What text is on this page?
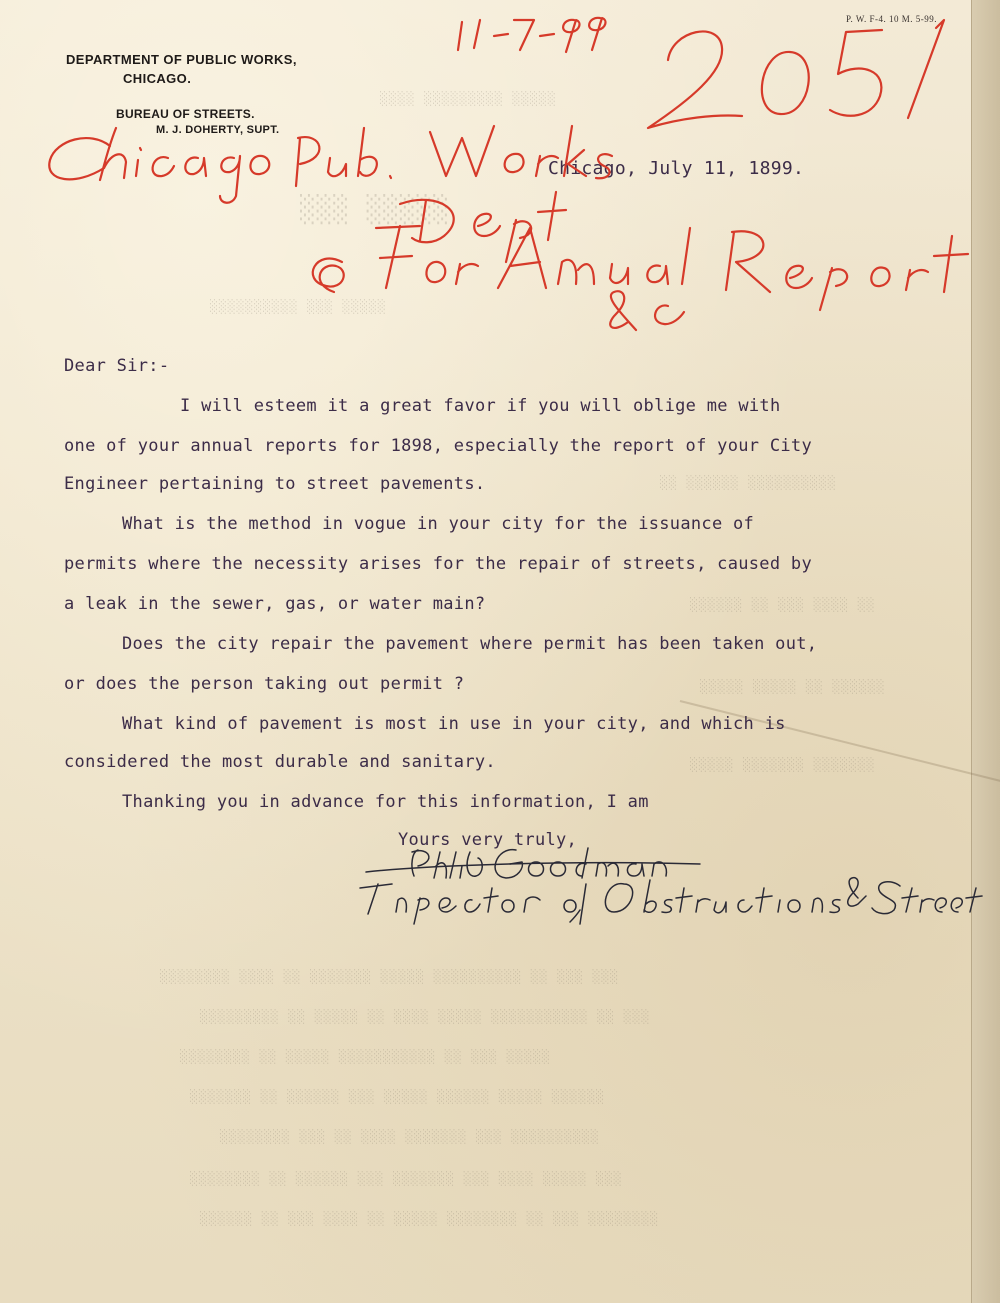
░░░░ ░░░░░░░░░ ░░░░░
░░░ ░░░░░
░░░░░░░░░░ ░░░ ░░░░░
░░ ░░░░░░ ░░░░░░░░░░
░░░░░░ ░░ ░░░ ░░░░ ░░
░░░░░ ░░░░░ ░░ ░░░░░░
░░░░░ ░░░░░░░ ░░░░░░░
░░░░░░░░ ░░░░ ░░ ░░░░░░░ ░░░░░ ░░░░░░░░░░ ░░ ░░░ ░░░
░░░░░░░░░ ░░ ░░░░░ ░░ ░░░░ ░░░░░ ░░░░░░░░░░░ ░░ ░░░
░░░░░░░░ ░░ ░░░░░ ░░░░░░░░░░░ ░░ ░░░ ░░░░░
░░░░░░░ ░░ ░░░░░░ ░░░ ░░░░░ ░░░░░░ ░░░░░ ░░░░░░
░░░░░░░░ ░░░ ░░ ░░░░ ░░░░░░░ ░░░ ░░░░░░░░░░
░░░░░░░░ ░░ ░░░░░░ ░░░ ░░░░░░░ ░░░ ░░░░ ░░░░░ ░░░
░░░░░░ ░░ ░░░ ░░░░ ░░ ░░░░░ ░░░░░░░░ ░░ ░░░ ░░░░░░░░
DEPARTMENT OF PUBLIC WORKS,
CHICAGO.
BUREAU OF STREETS.
M. J. DOHERTY, SUPT.
P. W. F-4. 10 M. 5-99.
Chicago, July 11, 1899.
Dear Sir:-
I will esteem it a great favor if you will oblige me with
one of your annual reports for 1898, especially the report of your City
Engineer pertaining to street pavements.
What is the method in vogue in your city for the issuance of
permits where the necessity arises for the repair of streets, caused by
a leak in the sewer, gas, or water main?
Does the city repair the pavement where permit has been taken out,
or does the person taking out permit ?
What kind of pavement is most in use in your city, and which is
considered the most durable and sanitary.
Thanking you in advance for this information, I am
Yours very truly,
